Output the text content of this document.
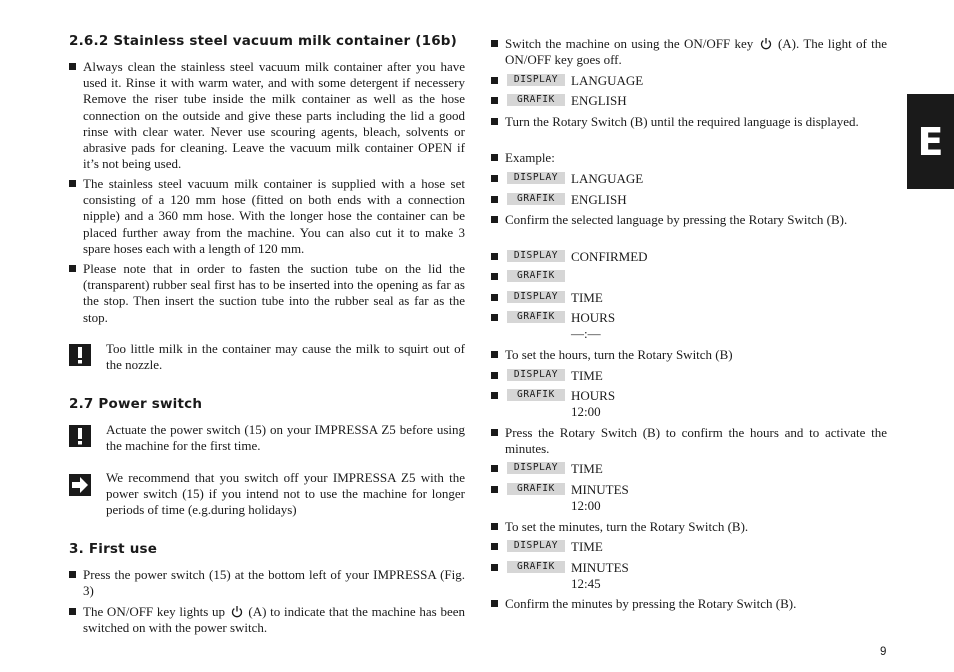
2.6.2 Stainless steel vacuum milk container (16b)
Always clean the stainless steel vacuum milk container after you have used it. Rinse it with warm water, and with some detergent if necessery Remove the riser tube inside the milk container as well as the hose connection on the outside and give these parts including the lid a good rinse with clear water. Never use scouring agents, bleach, solvents or abrasive pads for cleaning. Leave the vacuum milk container OPEN if it’s not being used.
The stainless steel vacuum milk container is supplied with a hose set consisting of a 120 mm hose (fitted on both ends with a connection nipple) and a 360 mm hose. With the longer hose the container can be placed further away from the machine. You can also cut it to make 3 spare hoses each with a length of 120 mm.
Please note that in order to fasten the suction tube on the lid the (transparent) rubber seal first has to be inserted into the opening as far as the stop. Then insert the suction tube into the rubber seal as far as the stop.
Too little milk in the container may cause the milk to squirt out of the nozzle.
2.7 Power switch
Actuate the power switch (15) on your IMPRESSA Z5 before using the machine for the first time.
We recommend that you switch off your IMPRESSA Z5 with the power switch (15) if you intend not to use the machine for longer periods of time (e.g.during holidays)
3. First use
Press the power switch (15) at the bottom left of your IMPRESSA (Fig. 3)
The ON/OFF key lights up (A) to indicate that the machine has been switched on with the power switch.
Switch the machine on using the ON/OFF key (A). The light of the ON/OFF key goes off.
DISPLAY LANGUAGE
GRAFIK	ENGLISH
Turn the Rotary Switch (B) until the required language is displayed.
Example:
DISPLAY LANGUAGE
GRAFIK	ENGLISH
Confirm the selected language by pressing the Rotary Switch (B).
DISPLAY CONFIRMED
GRAFIK
DISPLAY TIME
GRAFIK	HOURS
—:—
To set the hours, turn the Rotary Switch (B)
DISPLAY TIME
GRAFIK	HOURS
12:00
Press the Rotary Switch (B) to confirm the hours and to activate the minutes.
DISPLAY TIME
GRAFIK	MINUTES
12:00
To set the minutes, turn the Rotary Switch (B).
DISPLAY TIME
GRAFIK	MINUTES
12:45
Confirm the minutes by pressing the Rotary Switch (B).
E
9
